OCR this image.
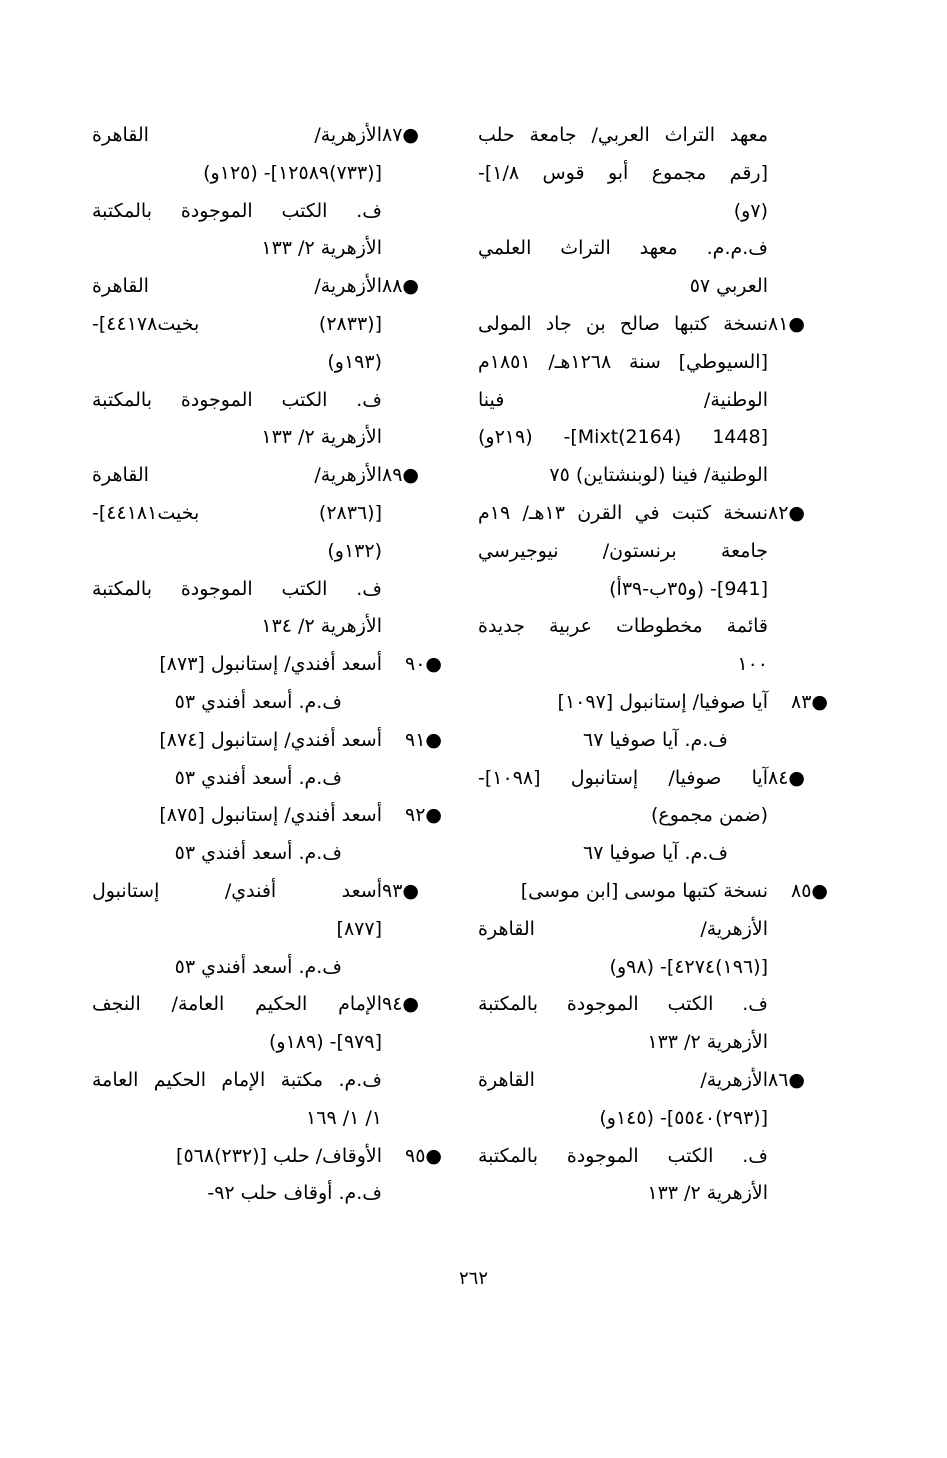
معهد التراث العربي/ جامعة حلب
[رقم مجموع أبو قوس ١/٨]-
(٧و)
ف.م.م. معهد التراث العلمي
العربي ٥٧
●٨١نسخة كتبها صالح بن جاد المولى
[السيوطي] سنة ١٢٦٨هـ/ ١٨٥١م
الوطنية/ فينا
[1448 Mixt(2164)]- (٢١٩و)
الوطنية/ فينا (لوبنشتاين) ٧٥
●٨٢نسخة كتبت في القرن ١٣هـ/ ١٩م
جامعة برنستون/ نيوجيرسي
[941]- (و٣٥ب-٣٩أ)
قائمة مخطوطات عربية جديدة
١٠٠
●٨٣آيا صوفيا/ إستانبول [١٠٩٧]
ف.م. آيا صوفيا ٦٧
●٨٤آيا صوفيا/ إستانبول [١٠٩٨]-
(ضمن مجموع)
ف.م. آيا صوفيا ٦٧
●٨٥نسخة كتبها موسى [ابن موسى]
الأزهرية/ القاهرة
[(١٩٦)٤٢٧٤]- (٩٨و)
ف. الكتب الموجودة بالمكتبة
الأزهرية ٢/ ١٣٣
●٨٦الأزهرية/ القاهرة
[(٢٩٣)٥٥٤٠]- (١٤٥و)
ف. الكتب الموجودة بالمكتبة
الأزهرية ٢/ ١٣٣
●٨٧الأزهرية/ القاهرة
[(٧٣٣)١٢٥٨٩]- (١٢٥و)
ف. الكتب الموجودة بالمكتبة
الأزهرية ٢/ ١٣٣
●٨٨الأزهرية/ القاهرة
[(٢٨٣٣) بخيت٤٤١٧٨]-
(١٩٣و)
ف. الكتب الموجودة بالمكتبة
الأزهرية ٢/ ١٣٣
●٨٩الأزهرية/ القاهرة
[(٢٨٣٦) بخيت٤٤١٨١]-
(١٣٢و)
ف. الكتب الموجودة بالمكتبة
الأزهرية ٢/ ١٣٤
●٩٠أسعد أفندي/ إستانبول [٨٧٣]
ف.م. أسعد أفندي ٥٣
●٩١أسعد أفندي/ إستانبول [٨٧٤]
ف.م. أسعد أفندي ٥٣
●٩٢أسعد أفندي/ إستانبول [٨٧٥]
ف.م. أسعد أفندي ٥٣
●٩٣أسعد أفندي/ إستانبول
[٨٧٧]
ف.م. أسعد أفندي ٥٣
●٩٤الإمام الحكيم العامة/ النجف
[٩٧٩]- (١٨٩و)
ف.م. مكتبة الإمام الحكيم العامة
١/ ١/ ١٦٩
●٩٥الأوقاف/ حلب [(٢٣٢)٥٦٨]
ف.م. أوقاف حلب ٩٢-
٢٦٢
